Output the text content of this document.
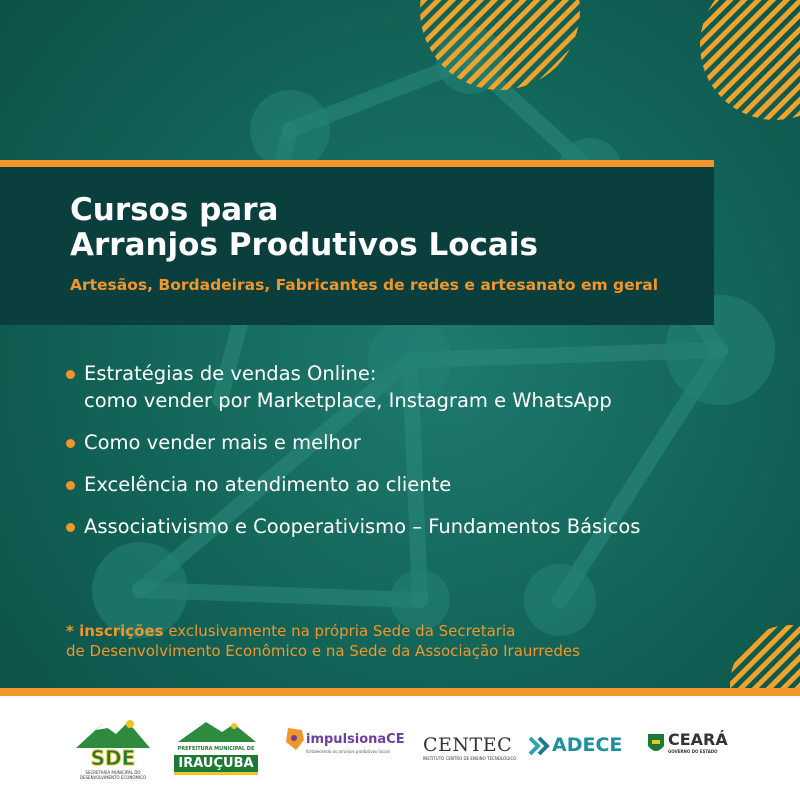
Cursos para
Arranjos Produtivos Locais
Artesãos, Bordadeiras, Fabricantes de redes e artesanato em geral
Estratégias de vendas Online:
como vender por Marketplace, Instagram e WhatsApp
Como vender mais e melhor
Excelência no atendimento ao cliente
Associativismo e Cooperativismo – Fundamentos Básicos
* inscrições exclusivamente na própria Sede da Secretaria
de Desenvolvimento Econômico e na Sede da Associação Iraurredes
SDE
SECRETARIA MUNICIPAL DO DESENVOLVIMENTO ECONÔMICO
PREFEITURA MUNICIPAL DE
IRAUÇUBA
impulsionaCE
fortalecendo os arranjos produtivos locais CENTEC
INSTITUTO CENTRO DE ENSINO TECNOLÓGICO
ADECE	CEARÁ
GOVERNO DO ESTADO
